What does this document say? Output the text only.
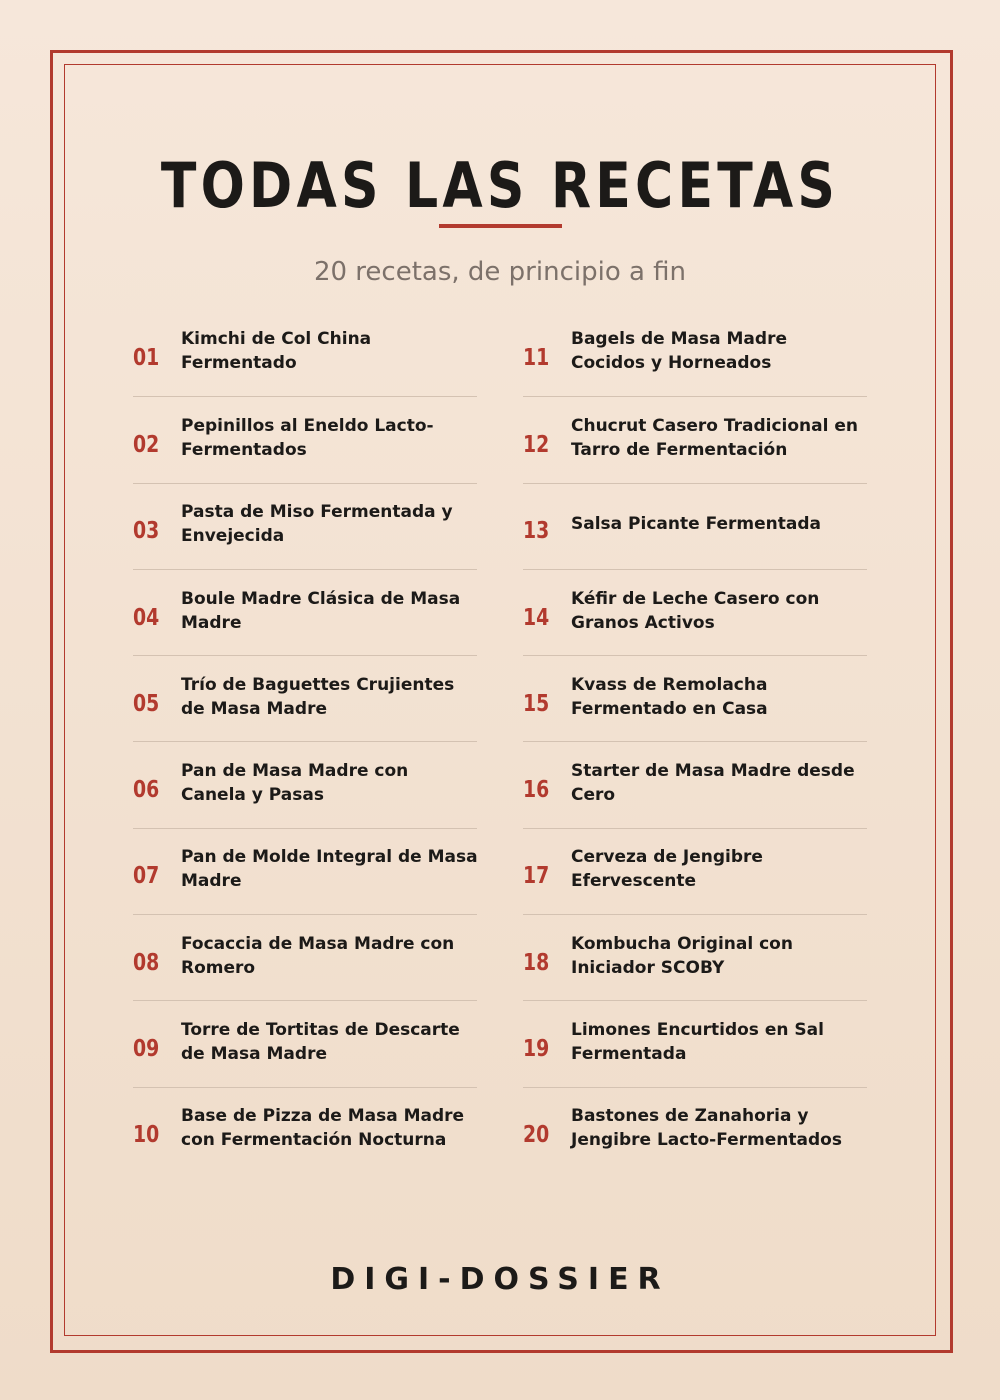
TODAS LAS RECETAS
20 recetas, de principio a fin
01
Kimchi de Col China
Fermentado
02
Pepinillos al Eneldo Lacto-
Fermentados
03
Pasta de Miso Fermentada y
Envejecida
04
Boule Madre Clásica de Masa
Madre
05
Trío de Baguettes Crujientes
de Masa Madre
06
Pan de Masa Madre con
Canela y Pasas
07
Pan de Molde Integral de Masa
Madre
08
Focaccia de Masa Madre con
Romero
09
Torre de Tortitas de Descarte
de Masa Madre
10
Base de Pizza de Masa Madre
con Fermentación Nocturna
11
Bagels de Masa Madre
Cocidos y Horneados
12
Chucrut Casero Tradicional en
Tarro de Fermentación
13 Salsa Picante Fermentada
14
Kéfir de Leche Casero con
Granos Activos
15
Kvass de Remolacha
Fermentado en Casa
16
Starter de Masa Madre desde
Cero
17
Cerveza de Jengibre
Efervescente
18
Kombucha Original con
Iniciador SCOBY
19
Limones Encurtidos en Sal
Fermentada
20
Bastones de Zanahoria y
Jengibre Lacto-Fermentados
DIGI-DOSSIER
